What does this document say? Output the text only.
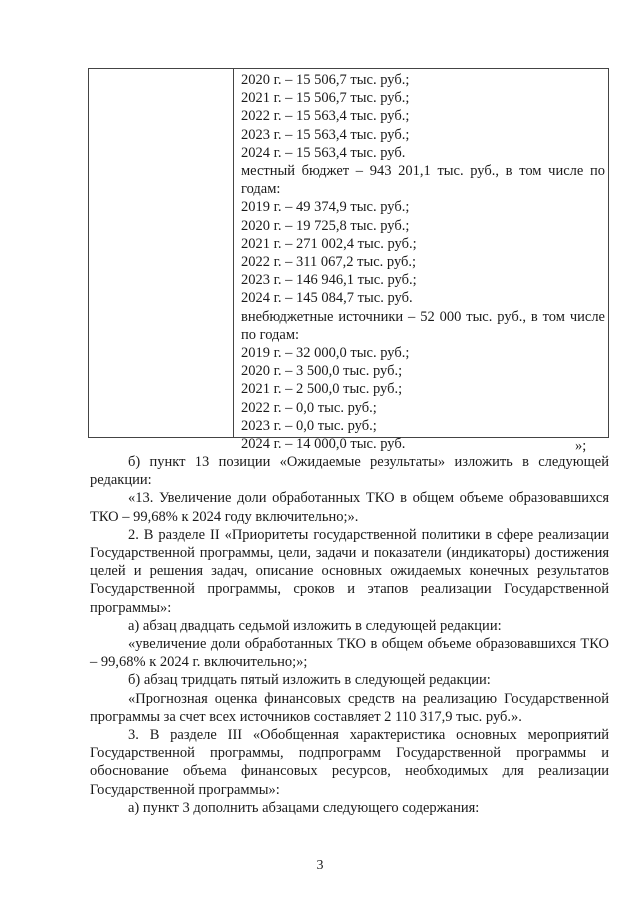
2020 г. – 15 506,7 тыс. руб.;
2021 г. – 15 506,7 тыс. руб.;
2022 г. – 15 563,4 тыс. руб.;
2023 г. – 15 563,4 тыс. руб.;
2024 г. – 15 563,4 тыс. руб.
местный бюджет – 943 201,1 тыс. руб., в том числе по
годам:
2019 г. – 49 374,9 тыс. руб.;
2020 г. – 19 725,8 тыс. руб.;
2021 г. – 271 002,4 тыс. руб.;
2022 г. – 311 067,2 тыс. руб.;
2023 г. – 146 946,1 тыс. руб.;
2024 г. – 145 084,7 тыс. руб.
внебюджетные источники – 52 000 тыс. руб., в том числе
по годам:
2019 г. – 32 000,0 тыс. руб.;
2020 г. – 3 500,0 тыс. руб.;
2021 г. – 2 500,0 тыс. руб.;
2022 г. – 0,0 тыс. руб.;
2023 г. – 0,0 тыс. руб.;
2024 г. – 14 000,0 тыс. руб.	»;

б) пункт 13 позиции «Ожидаемые результаты» изложить в следующей редакции:

«13. Увеличение доли обработанных ТКО в общем объеме образовавшихся ТКО – 99,68% к 2024 году включительно;».

2. В разделе II «Приоритеты государственной политики в сфере реализации Государственной программы, цели, задачи и показатели (индикаторы) достижения целей и решения задач, описание основных ожидаемых конечных результатов Государственной программы, сроков и этапов реализации Государственной программы»:

а) абзац двадцать седьмой изложить в следующей редакции:

«увеличение доли обработанных ТКО в общем объеме образовавшихся ТКО – 99,68% к 2024 г. включительно;»;

б) абзац тридцать пятый изложить в следующей редакции:

«Прогнозная оценка финансовых средств на реализацию Государственной программы за счет всех источников составляет 2 110 317,9 тыс. руб.».

3. В разделе III «Обобщенная характеристика основных мероприятий Государственной программы, подпрограмм Государственной программы и обоснование объема финансовых ресурсов, необходимых для реализации Государственной программы»:

а) пункт 3 дополнить абзацами следующего содержания:

3
